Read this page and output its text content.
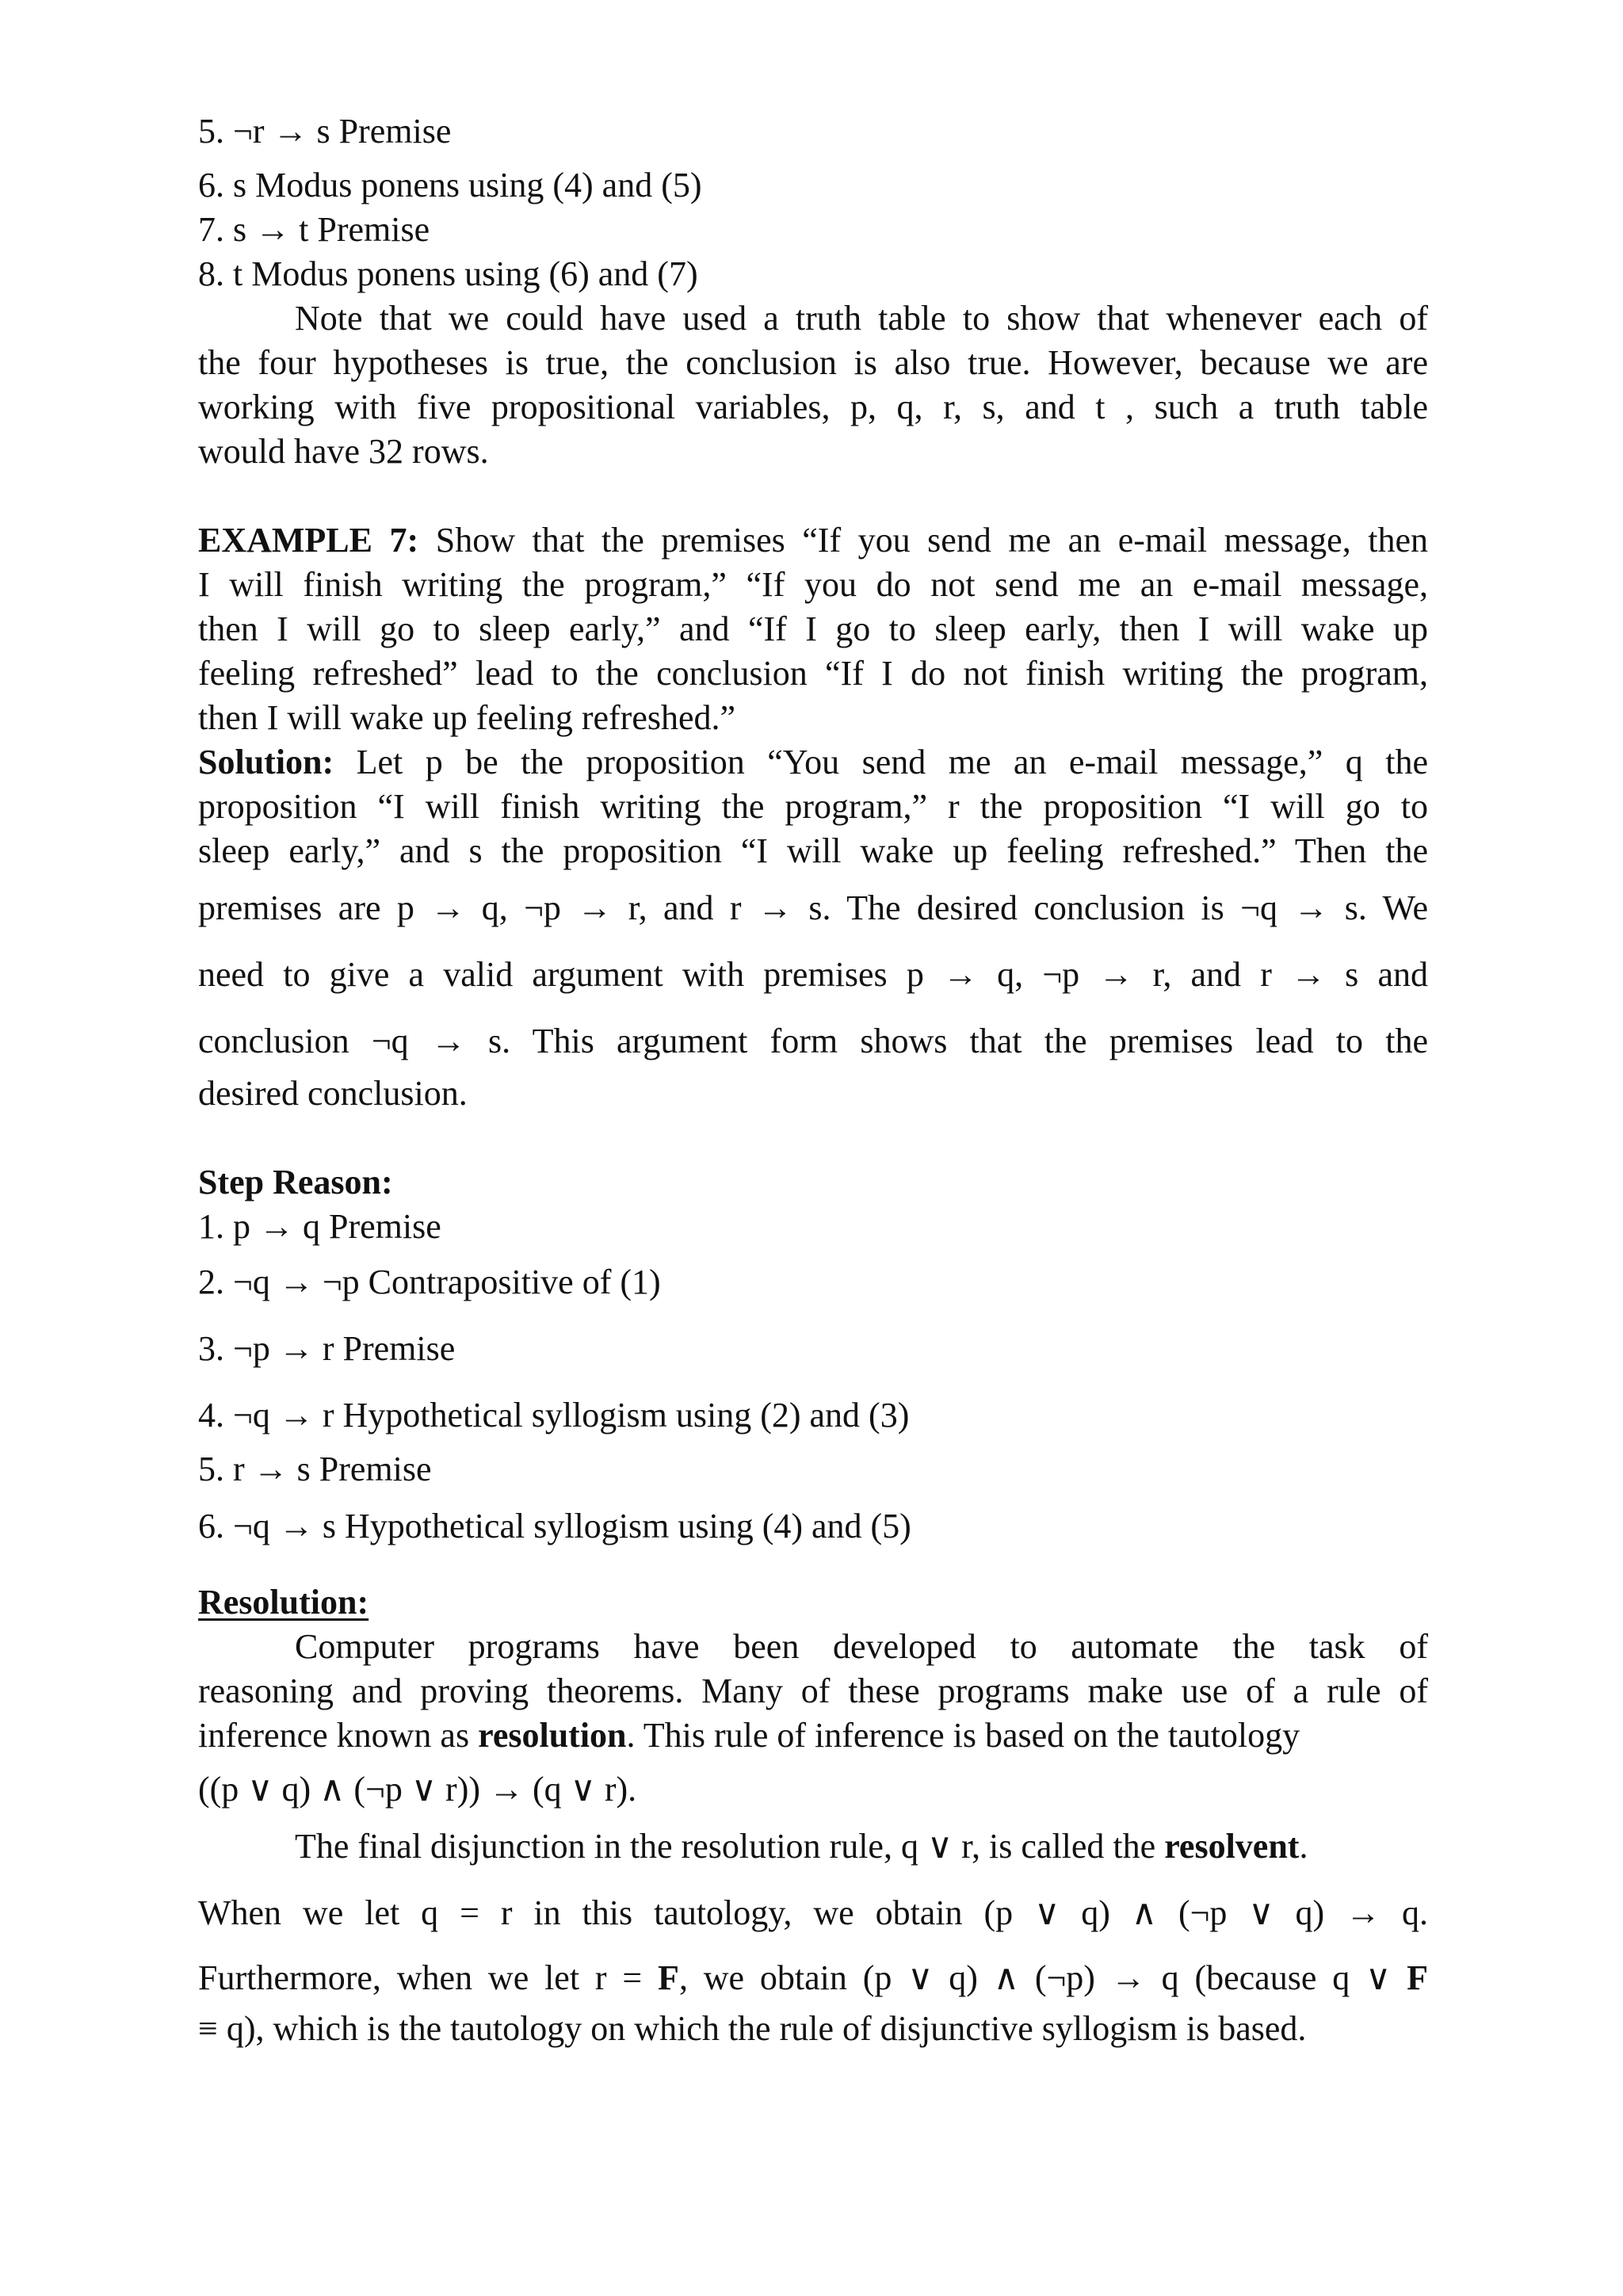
5. ¬r → s Premise
6. s Modus ponens using (4) and (5)
7. s → t Premise
8. t Modus ponens using (6) and (7)
Note that we could have used a truth table to show that whenever each of
the four hypotheses is true, the conclusion is also true. However, because we are
working with five propositional variables, p, q, r, s, and t , such a truth table
would have 32 rows.
EXAMPLE 7: Show that the premises “If you send me an e-mail message, then
I will finish writing the program,” “If you do not send me an e-mail message,
then I will go to sleep early,” and “If I go to sleep early, then I will wake up
feeling refreshed” lead to the conclusion “If I do not finish writing the program,
then I will wake up feeling refreshed.”
Solution: Let p be the proposition “You send me an e-mail message,” q the
proposition “I will finish writing the program,” r the proposition “I will go to
sleep early,” and s the proposition “I will wake up feeling refreshed.” Then the
premises are p → q, ¬p → r, and r → s. The desired conclusion is ¬q → s. We
need to give a valid argument with premises p → q, ¬p → r, and r → s and
conclusion ¬q → s. This argument form shows that the premises lead to the
desired conclusion.
Step Reason:
1. p → q Premise
2. ¬q → ¬p Contrapositive of (1)
3. ¬p → r Premise
4. ¬q → r Hypothetical syllogism using (2) and (3)
5. r → s Premise
6. ¬q → s Hypothetical syllogism using (4) and (5)
Resolution:
Computer programs have been developed to automate the task of
reasoning and proving theorems. Many of these programs make use of a rule of
inference known as resolution. This rule of inference is based on the tautology
((p ∨ q) ∧ (¬p ∨ r)) → (q ∨ r).
The final disjunction in the resolution rule, q ∨ r, is called the resolvent.
When we let q = r in this tautology, we obtain (p ∨ q) ∧ (¬p ∨ q) → q.
Furthermore, when we let r = F, we obtain (p ∨ q) ∧ (¬p) → q (because q ∨ F
≡ q), which is the tautology on which the rule of disjunctive syllogism is based.
